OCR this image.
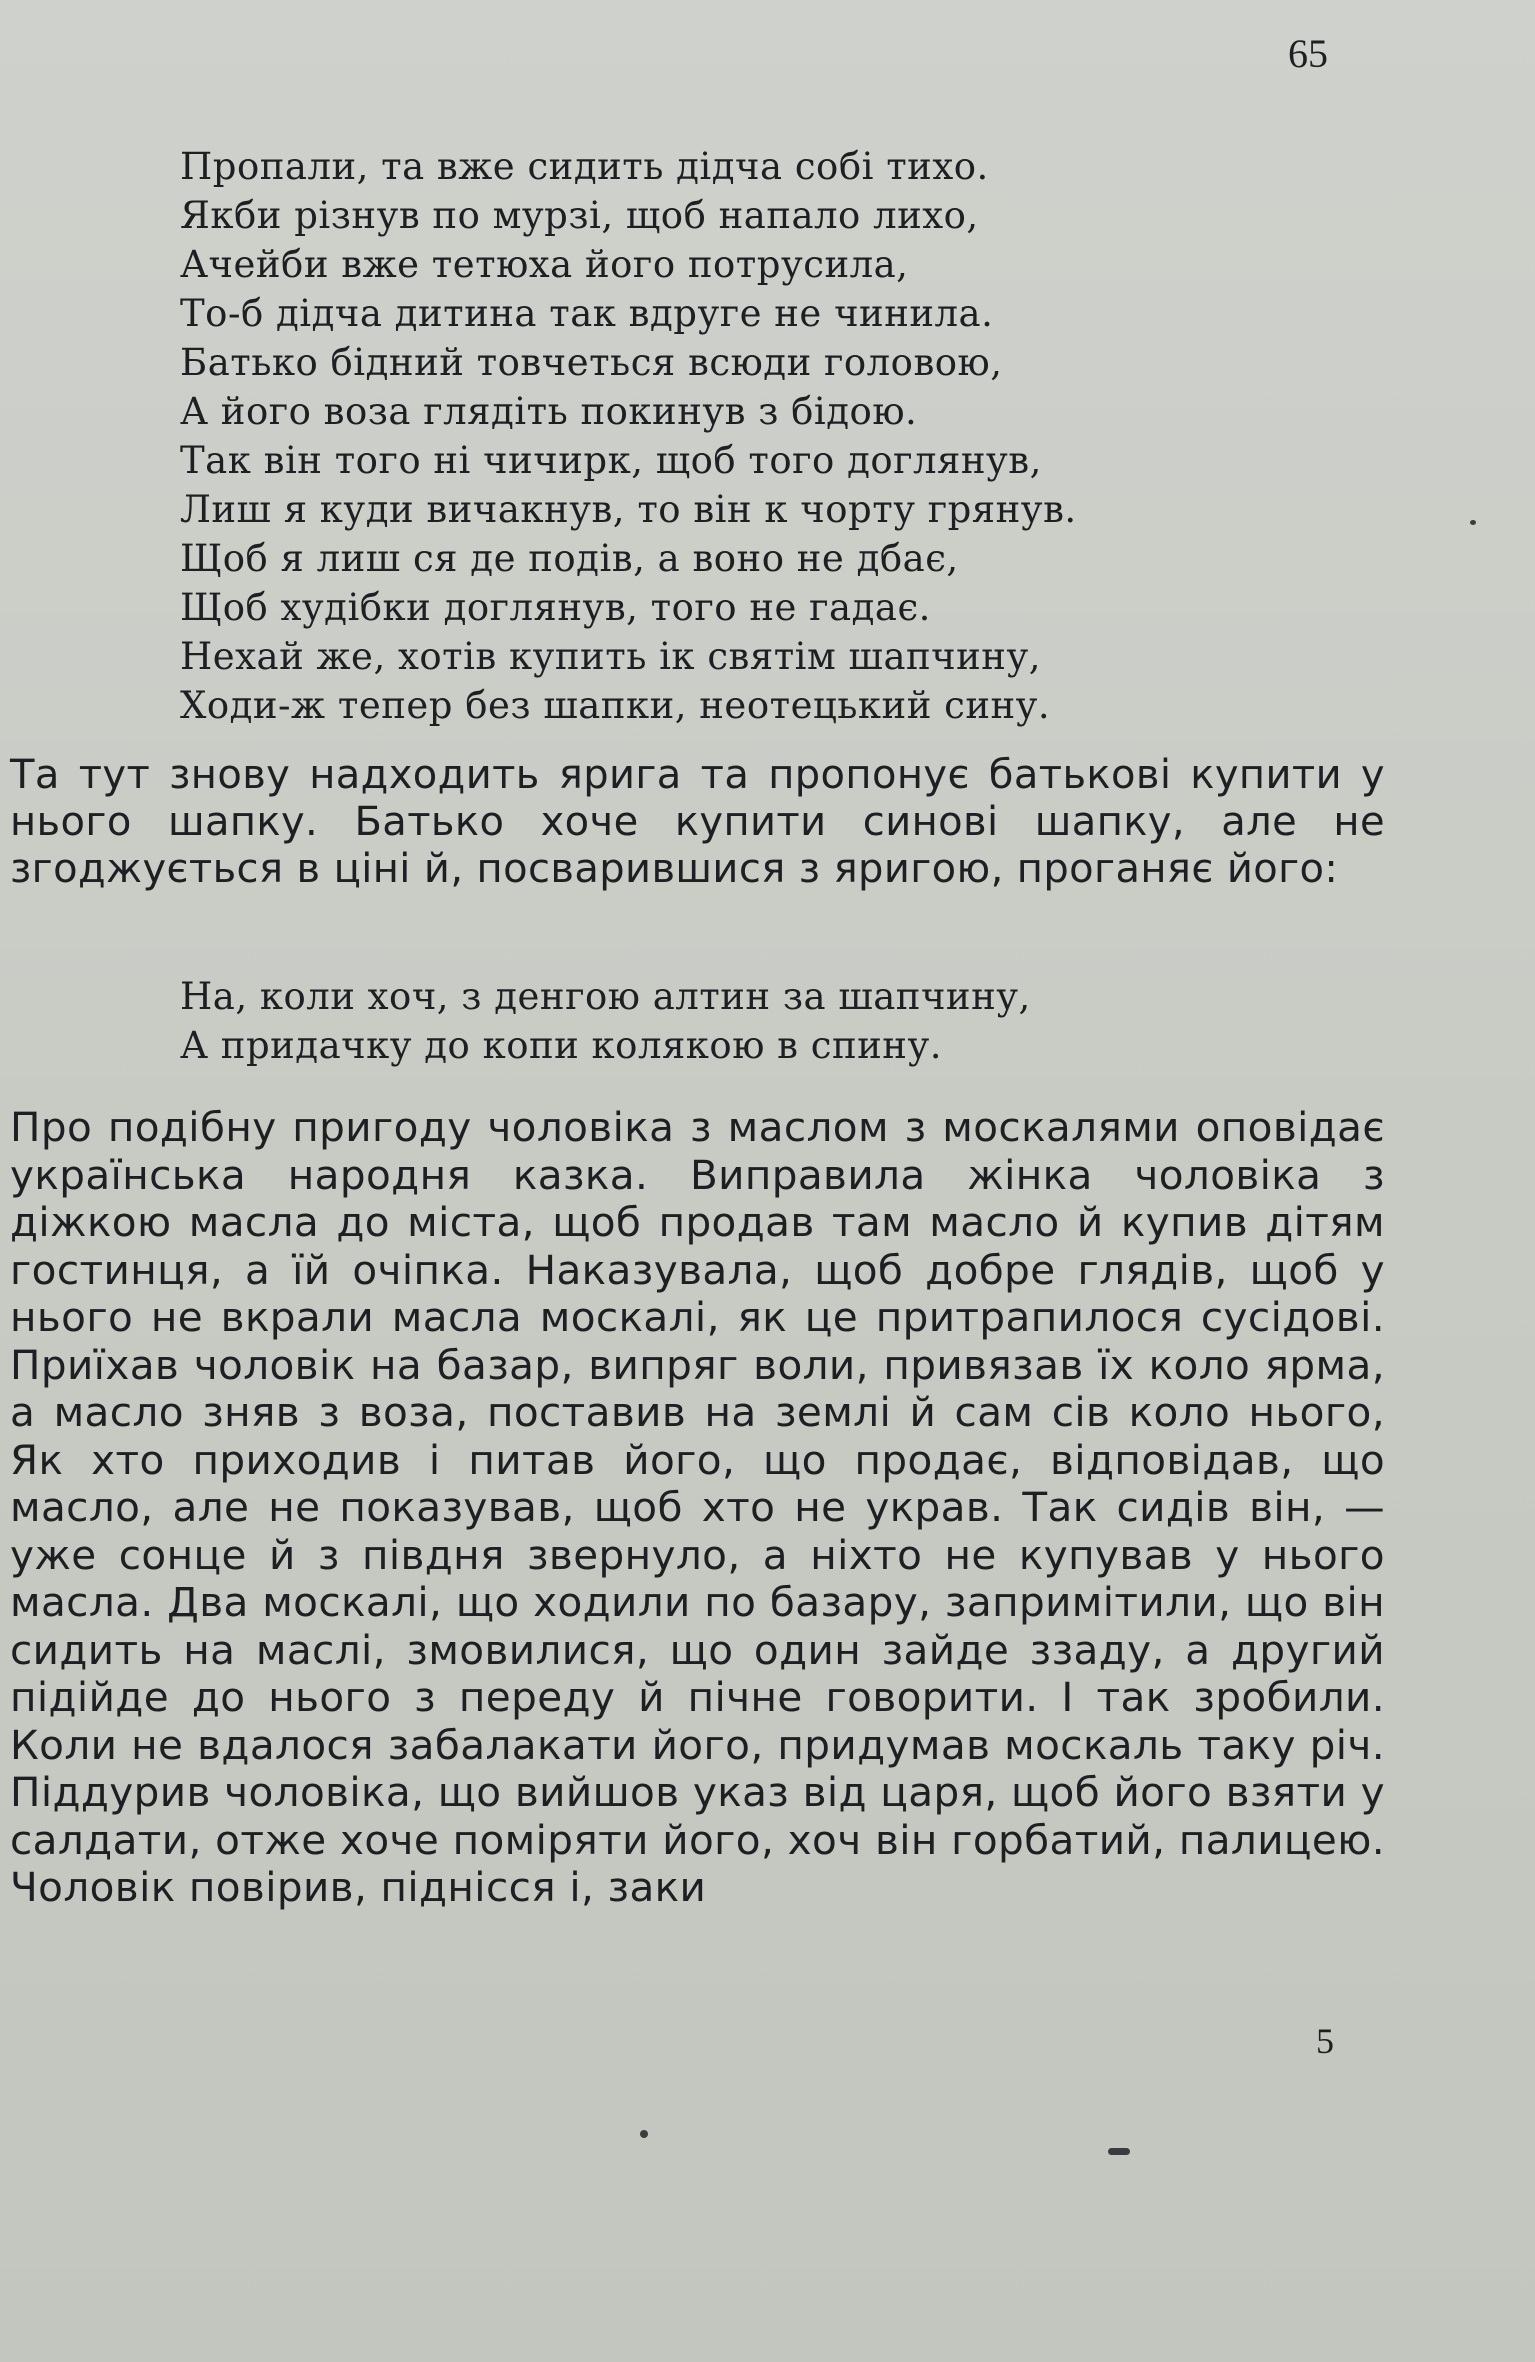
65
Пропали, та вже сидить дідча собі тихо.
Якби різнув по мурзі, щоб напало лихо,
Ачейби вже тетюха його потрусила,
То-б дідча дитина так вдруге не чинила.
Батько бідний товчеться всюди головою,
А його воза глядіть покинув з бідою.
Так він того ні чичирк, щоб того доглянув,
Лиш я куди вичакнув, то він к чорту грянув.
Щоб я лиш ся де подів, а воно не дбає,
Щоб худібки доглянув, того не гадає.
Нехай же, хотів купить ік святім шапчину,
Ходи-ж тепер без шапки, неотецький сину.
Та тут знову надходить ярига та пропонує батькові купити у нього шапку. Батько хоче купити синові шапку, але не згоджується в ціні й, посварившися з яригою, проганяє його:
На, коли хоч, з денгою алтин за шапчину,
А придачку до копи колякою в спину.
Про подібну пригоду чоловіка з маслом з москалями оповідає українська народня казка. Виправила жінка чоловіка з діжкою масла до міста, щоб продав там масло й купив дітям гостинця, а їй очіпка. Наказувала, щоб добре глядів, щоб у нього не вкрали масла москалі, як це притрапилося сусідові. Приїхав чоловік на базар, випряг воли, привязав їх коло ярма, а масло зняв з воза, поставив на землі й сам сів коло нього, Як хто приходив і питав його, що продає, відповідав, що масло, але не показував, щоб хто не украв. Так сидів він, — уже сонце й з півдня звернуло, а ніхто не купував у нього масла. Два москалі, що ходили по базару, запримітили, що він сидить на маслі, змовилися, що один зайде ззаду, а другий підійде до нього з переду й пічне говорити. І так зробили. Коли не вдалося забалакати його, придумав москаль таку річ. Піддурив чоловіка, що вийшов указ від царя, щоб його взяти у салдати, отже хоче поміряти його, хоч він горбатий, палицею. Чоловік повірив, піднісся і, заки
5
